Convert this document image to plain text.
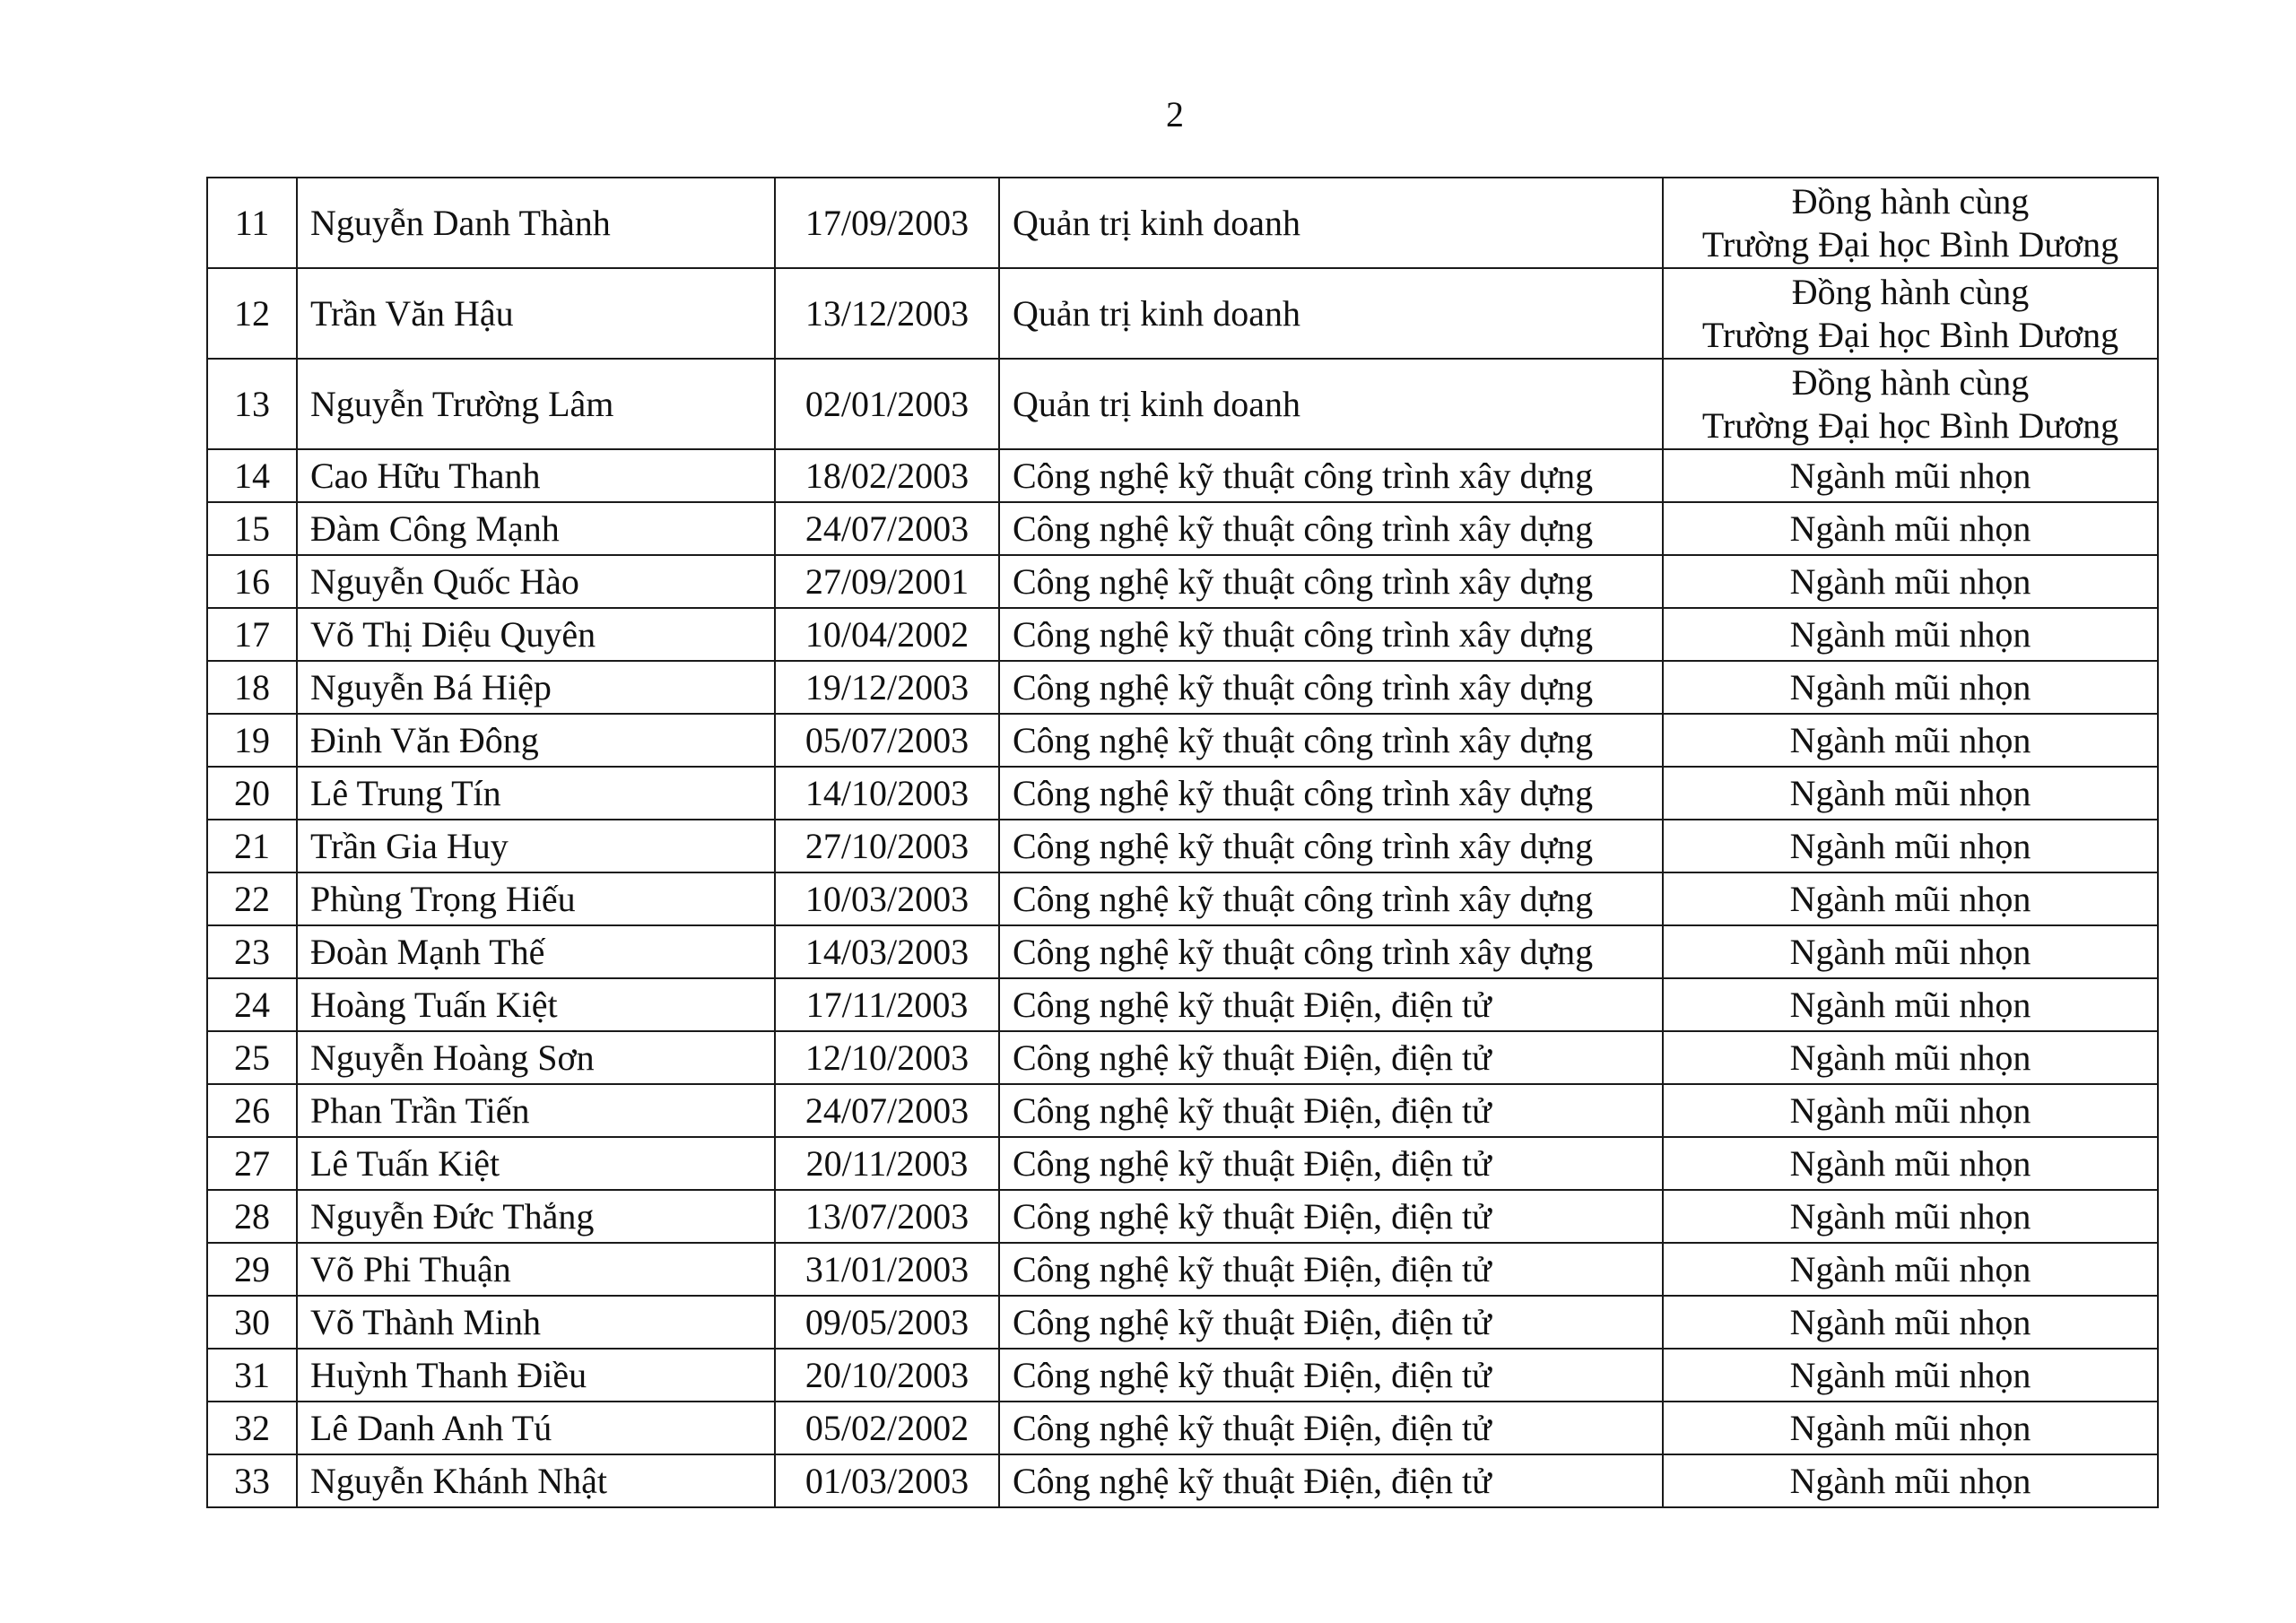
2
11	Nguyễn Danh Thành	17/09/2003	Quản trị kinh doanh	Đồng hành cùng
Trường Đại học Bình Dương

12	Trần Văn Hậu	13/12/2003	Quản trị kinh doanh	Đồng hành cùng
Trường Đại học Bình Dương

13	Nguyễn Trường Lâm	02/01/2003	Quản trị kinh doanh	Đồng hành cùng
Trường Đại học Bình Dương

14	Cao Hữu Thanh	18/02/2003	Công nghệ kỹ thuật công trình xây dựng	Ngành mũi nhọn
15	Đàm Công Mạnh	24/07/2003	Công nghệ kỹ thuật công trình xây dựng	Ngành mũi nhọn
16	Nguyễn Quốc Hào	27/09/2001	Công nghệ kỹ thuật công trình xây dựng	Ngành mũi nhọn
17	Võ Thị Diệu Quyên	10/04/2002	Công nghệ kỹ thuật công trình xây dựng	Ngành mũi nhọn
18	Nguyễn Bá Hiệp	19/12/2003	Công nghệ kỹ thuật công trình xây dựng	Ngành mũi nhọn
19	Đinh Văn Đông	05/07/2003	Công nghệ kỹ thuật công trình xây dựng	Ngành mũi nhọn
20	Lê Trung Tín	14/10/2003	Công nghệ kỹ thuật công trình xây dựng	Ngành mũi nhọn
21	Trần Gia Huy	27/10/2003	Công nghệ kỹ thuật công trình xây dựng	Ngành mũi nhọn
22	Phùng Trọng Hiếu	10/03/2003	Công nghệ kỹ thuật công trình xây dựng	Ngành mũi nhọn
23	Đoàn Mạnh Thế	14/03/2003	Công nghệ kỹ thuật công trình xây dựng	Ngành mũi nhọn
24	Hoàng Tuấn Kiệt	17/11/2003	Công nghệ kỹ thuật Điện, điện tử	Ngành mũi nhọn
25	Nguyễn Hoàng Sơn	12/10/2003	Công nghệ kỹ thuật Điện, điện tử	Ngành mũi nhọn
26	Phan Trần Tiến	24/07/2003	Công nghệ kỹ thuật Điện, điện tử	Ngành mũi nhọn
27	Lê Tuấn Kiệt	20/11/2003	Công nghệ kỹ thuật Điện, điện tử	Ngành mũi nhọn
28	Nguyễn Đức Thắng	13/07/2003	Công nghệ kỹ thuật Điện, điện tử	Ngành mũi nhọn
29	Võ Phi Thuận	31/01/2003	Công nghệ kỹ thuật Điện, điện tử	Ngành mũi nhọn
30	Võ Thành Minh	09/05/2003	Công nghệ kỹ thuật Điện, điện tử	Ngành mũi nhọn
31	Huỳnh Thanh Điều	20/10/2003	Công nghệ kỹ thuật Điện, điện tử	Ngành mũi nhọn
32	Lê Danh Anh Tú	05/02/2002	Công nghệ kỹ thuật Điện, điện tử	Ngành mũi nhọn
33	Nguyễn Khánh Nhật	01/03/2003	Công nghệ kỹ thuật Điện, điện tử	Ngành mũi nhọn
